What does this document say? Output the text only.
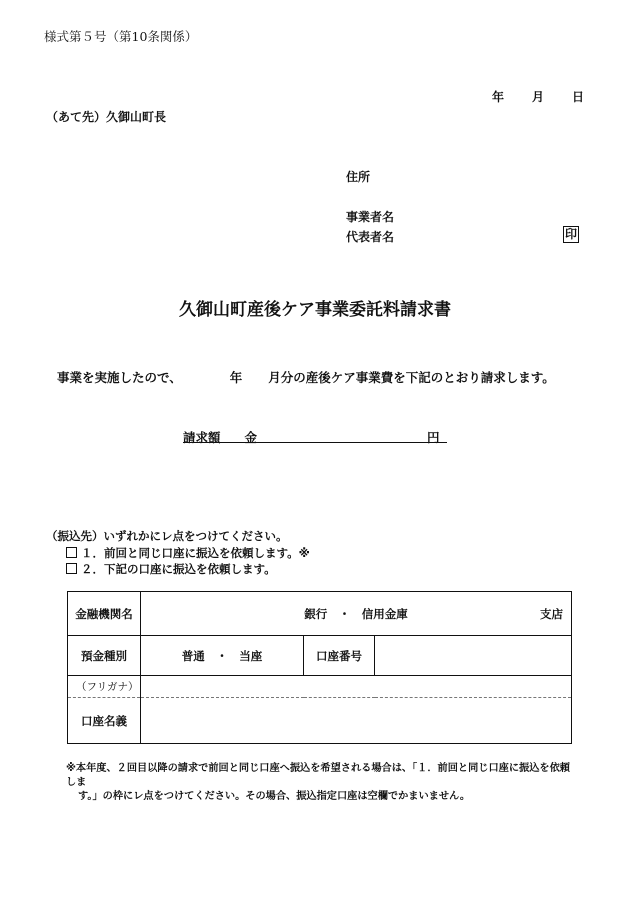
様式第５号（第10条関係）
年 月 日
（あて先）久御山町長
住所
事業者名
代表者名	印
久御山町産後ケア事業委託料請求書
事業を実施したので、	年 月分の産後ケア事業費を下記のとおり請求します。
請求額 金	円
（振込先）いずれかにレ点をつけてください。
１．前回と同じ口座に振込を依頼します。※
２．下記の口座に振込を依頼します。
金融機関名	銀行　・　信用金庫 支店		

預金種別	普通　・　当座	口座番号	
（フリガナ）			
口座名義			
※本年度、２回目以降の請求で前回と同じ口座へ振込を希望される場合は、「１．前回と同じ口座に振込を依頼しま
す。」の枠にレ点をつけてください。その場合、振込指定口座は空欄でかまいません。
